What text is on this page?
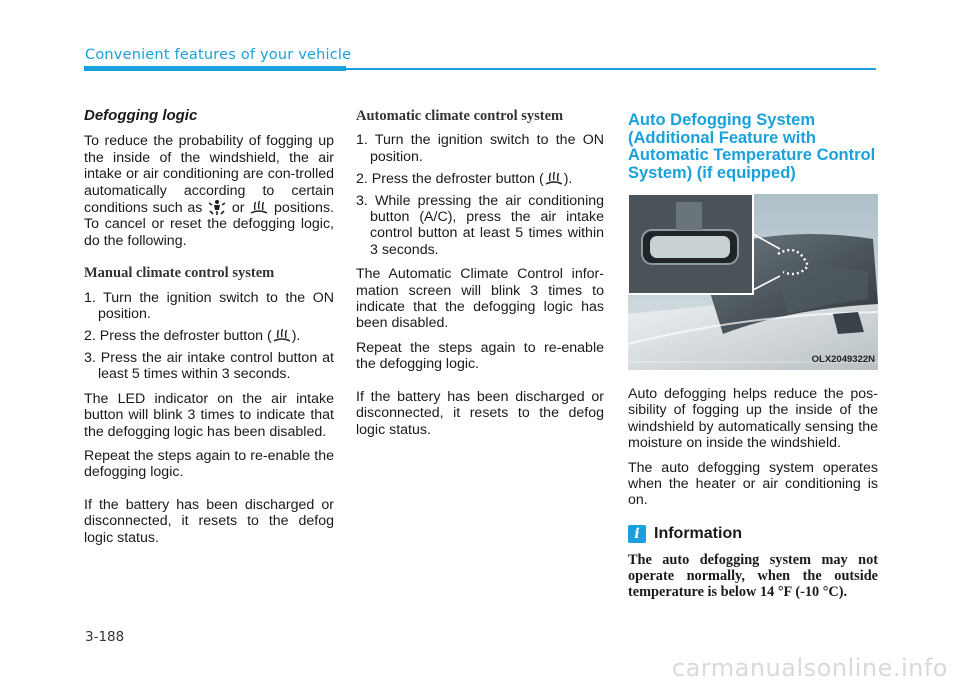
Convenient features of your vehicle
Defogging logic

To reduce the probability of fogging up the inside of the windshield, the air intake or air conditioning are con-trolled automatically according to certain conditions such as or positions. To cancel or reset the defogging logic, do the following.

Manual climate control system
1. Turn the ignition switch to the ON position.
2. Press the defroster button ( ).
3. Press the air intake control button at least 5 times within 3 seconds.

The LED indicator on the air intake button will blink 3 times to indicate that the defogging logic has been disabled.

Repeat the steps again to re-enable the defogging logic.

If the battery has been discharged or disconnected, it resets to the defog logic status.

Automatic climate control system
1. Turn the ignition switch to the ON position.
2. Press the defroster button ( ).
3. While pressing the air conditioning button (A/C), press the air intake control button at least 5 times within 3 seconds.

The Automatic Climate Control infor-mation screen will blink 3 times to indicate that the defogging logic has been disabled.

Repeat the steps again to re-enable the defogging logic.

If the battery has been discharged or disconnected, it resets to the defog logic status.

Auto Defogging System (Additional Feature with Automatic Temperature Control System) (if equipped)
OLX2049322N

Auto defogging helps reduce the pos-sibility of fogging up the inside of the windshield by automatically sensing the moisture on inside the windshield.

The auto defogging system operates when the heater or air conditioning is on.

i Information

The auto defogging system may not operate normally, when the outside temperature is below 14 °F (-10 °C).

3-188
carmanualsonline.info
